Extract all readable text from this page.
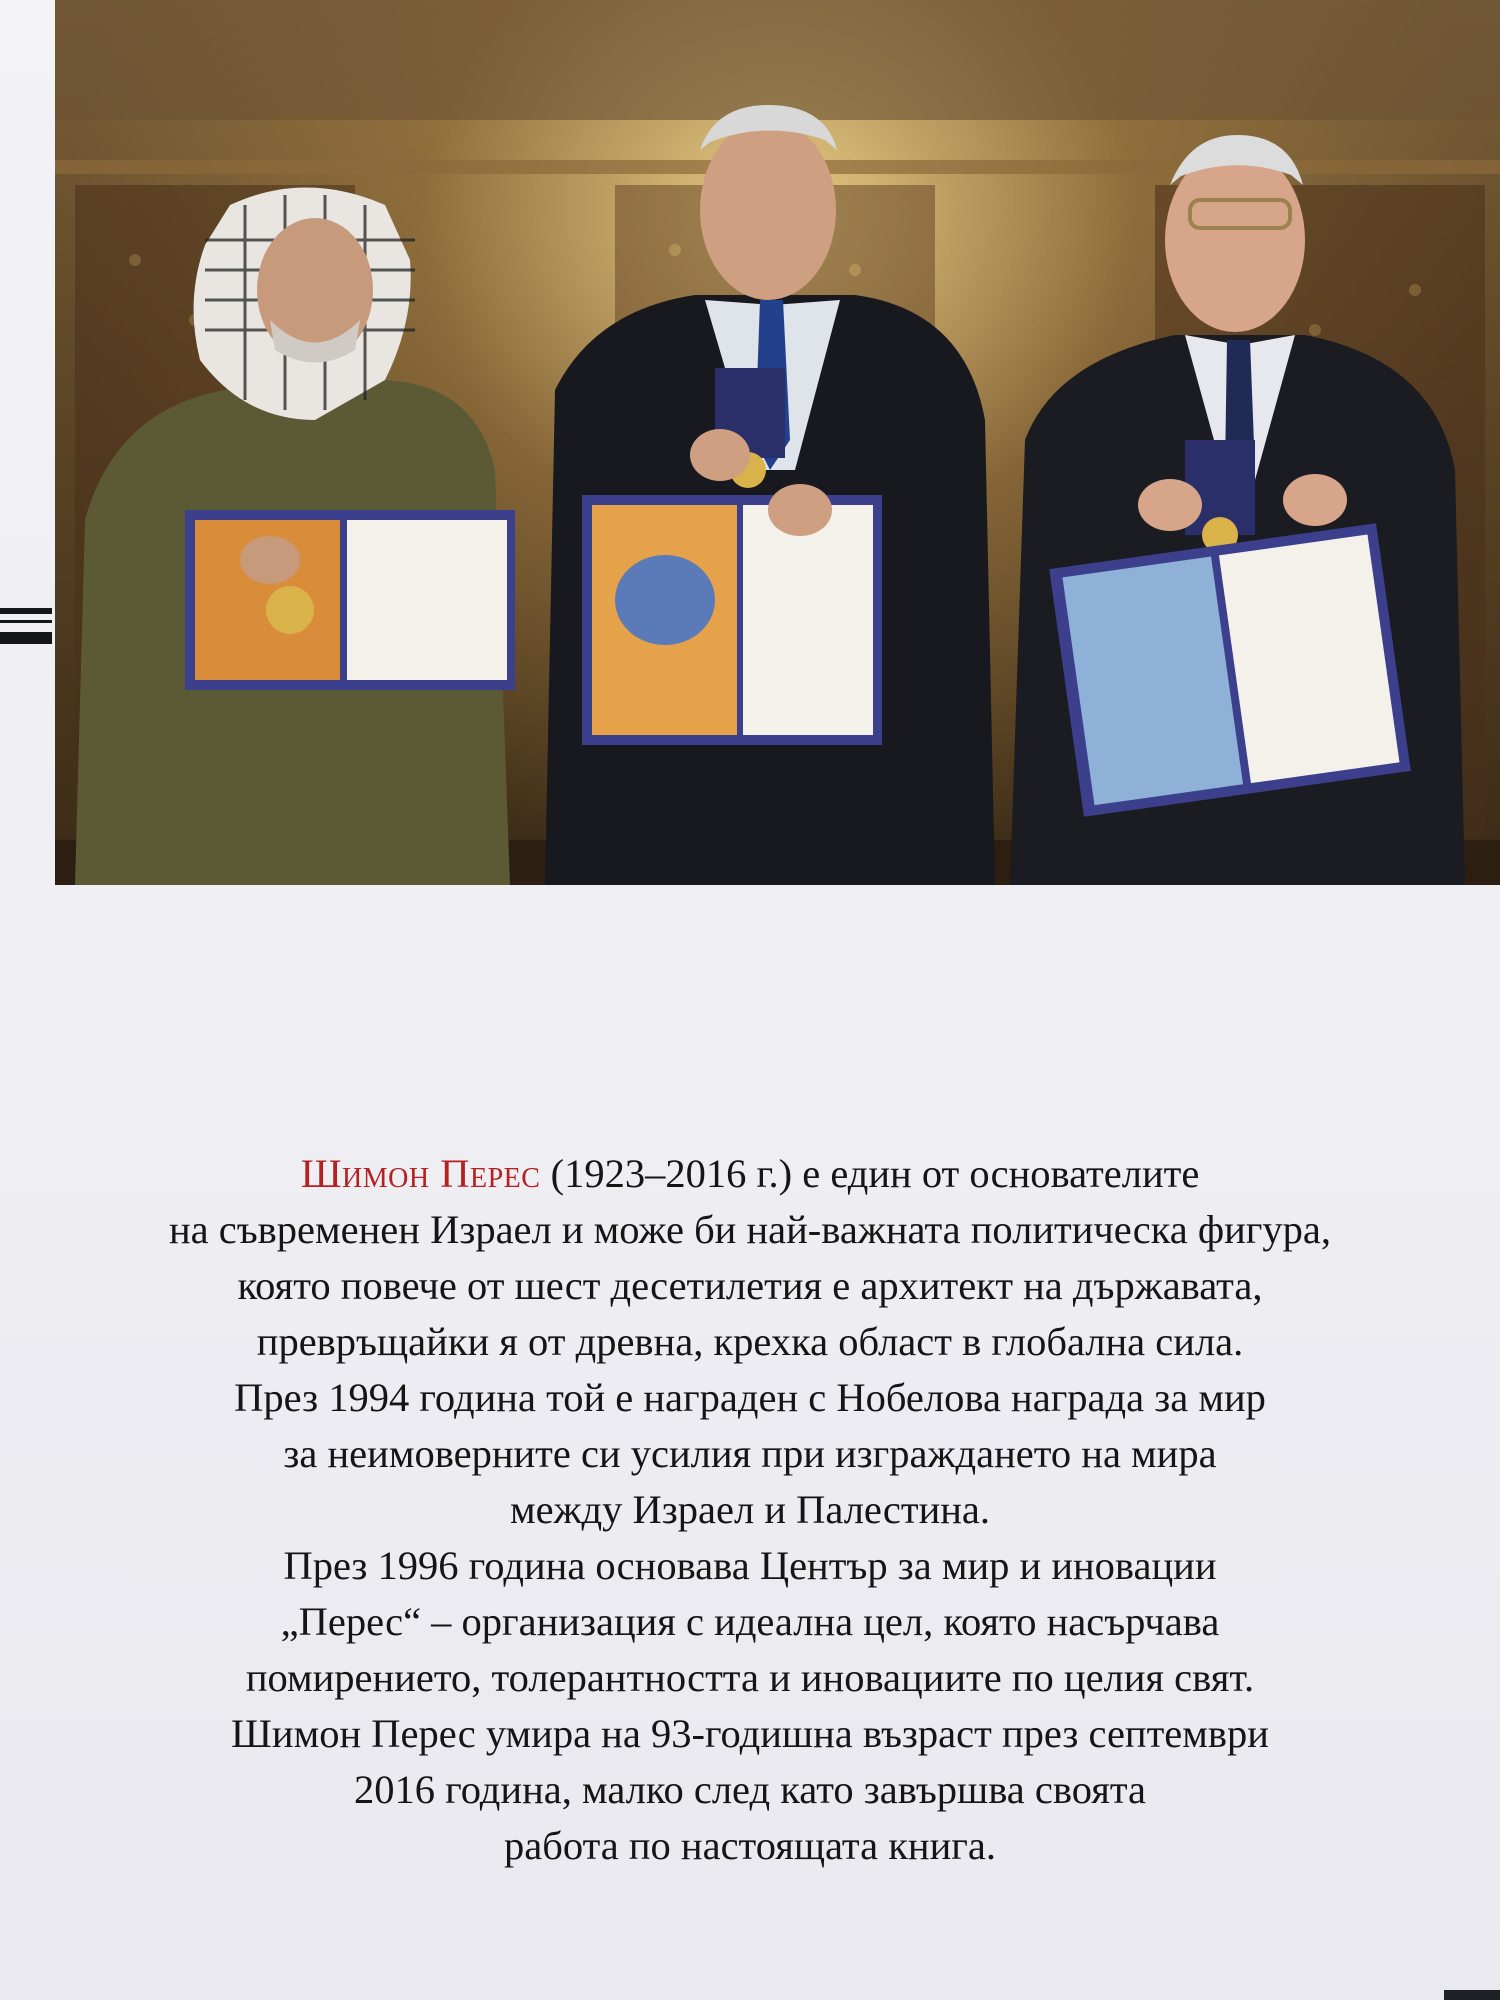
Шимон Перес (1923–2016 г.) е един от основателите
на съвременен Израел и може би най-важната политическа фигура,
която повече от шест десетилетия е архитект на държавата,
превръщайки я от древна, крехка област в глобална сила.
През 1994 година той е награден с Нобелова награда за мир
за неимоверните си усилия при изграждането на мира
между Израел и Палестина.
През 1996 година основава Център за мир и иновации
„Перес“ – организация с идеална цел, която насърчава
помирението, толерантността и иновациите по целия свят.
Шимон Перес умира на 93-годишна възраст през септември
2016 година, малко след като завършва своята
работа по настоящата книга.
